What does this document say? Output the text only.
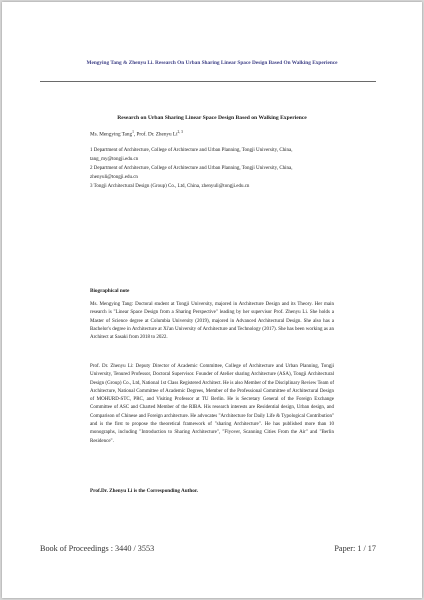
Mengying Tang & Zhenyu Li. Research On Urban Sharing Linear Space Design Based On Walking Experience
Research on Urban Sharing Linear Space Design Based on Walking Experience
Ms. Mengying Tang$^1$, Prof. Dr. Zhenyu Li$^{2, 3}$
1 Department of Architecture, College of Architecture and Urban Planning, Tongji University, China,
tang_my@tongji.edu.cn
2 Department of Architecture, College of Architecture and Urban Planning, Tongji University, China,
zhenyuli@tongji.edu.cn
3 Tongji Architectural Design (Group) Co., Ltd, China, zhenyuli@tongji.edu.cn
Biographical note

Ms. Mengying Tang: Doctoral student at Tongji University, majored in Architecture Design and its Theory. Her main research is "Linear Space Design from a Sharing Perspective" leading by her supervisor Prof. Zhenyu Li. She holds a Master of Science degree at Columbia University (2019), majored in Advanced Architectural Design. She also has a Bachelor's degree in Architecture at Xi'an University of Architecture and Technology (2017). She has been working as an Architect at Sasaki from 2018 to 2022.

Prof. Dr. Zhenyu Li: Deputy Director of Academic Committee, College of Architecture and Urban Planning, Tongji University, Tenured Professor, Doctoral Supervisor. Founder of Atelier sharing Architecture (ASA), Tongji Architectural Design (Group) Co., Ltd, National 1st Class Registered Architect. He is also Member of the Disciplinary Review Team of Architecture, National Committee of Academic Degrees, Member of the Professional Committee of Architectural Design of MOHURD-STC, PRC, and Visiting Professor at TU Berlin. He is Secretary General of the Foreign Exchange Committee of ASC and Charted Member of the RIBA. His research interests are Residential design, Urban design, and Comparison of Chinese and Foreign architecture. He advocates "Architecture for Daily Life & Typological Contribution" and is the first to propose the theoretical framework of "sharing Architecture". He has published more than 10 monographs, including "Introduction to Sharing Architecture", "Flyover, Scanning Cities From the Air" and "Berlin Residence".

Prof.Dr. Zhenyu Li is the Corresponding Author.
Book of Proceedings : 3440 / 3553	Paper: 1 / 17
